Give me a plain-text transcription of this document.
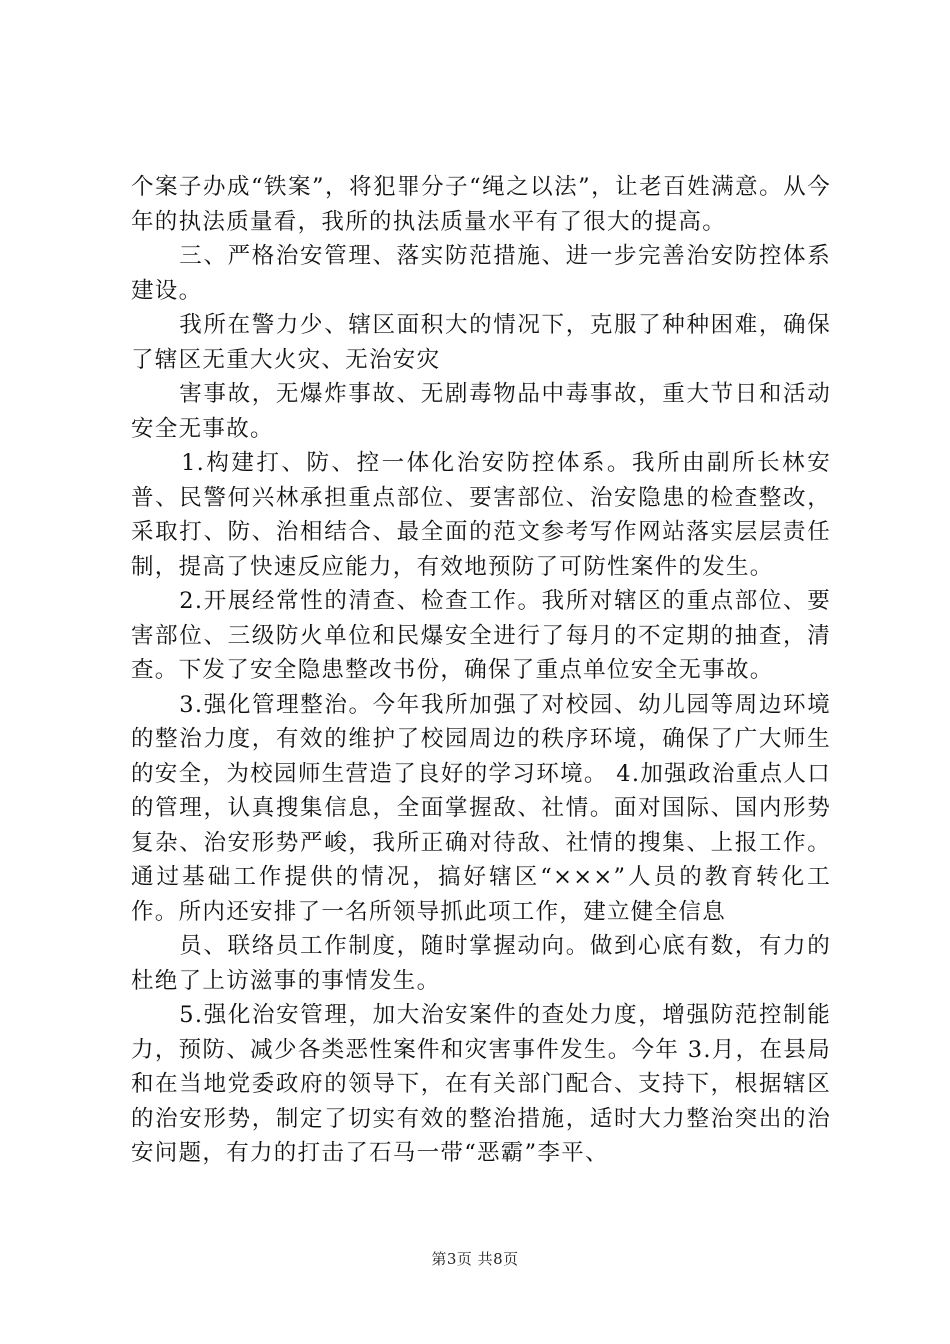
个案子办成“铁案”，将犯罪分子“绳之以法”，让老百姓满意。从今年的执法质量看，我所的执法质量水平有了很大的提高。

　　三、严格治安管理、落实防范措施、进一步完善治安防控体系建设。

　　我所在警力少、辖区面积大的情况下，克服了种种困难，确保了辖区无重大火灾、无治安灾

　　害事故，无爆炸事故、无剧毒物品中毒事故，重大节日和活动安全无事故。

　　1.构建打、防、控一体化治安防控体系。我所由副所长林安普、民警何兴林承担重点部位、要害部位、治安隐患的检查整改，采取打、防、治相结合、最全面的范文参考写作网站落实层层责任制，提高了快速反应能力，有效地预防了可防性案件的发生。

　　2.开展经常性的清查、检查工作。我所对辖区的重点部位、要害部位、三级防火单位和民爆安全进行了每月的不定期的抽查，清查。下发了安全隐患整改书份，确保了重点单位安全无事故。

　　3.强化管理整治。今年我所加强了对校园、幼儿园等周边环境的整治力度，有效的维护了校园周边的秩序环境，确保了广大师生的安全，为校园师生营造了良好的学习环境。 4.加强政治重点人口的管理，认真搜集信息，全面掌握敌、社情。面对国际、国内形势复杂、治安形势严峻，我所正确对待敌、社情的搜集、上报工作。通过基础工作提供的情况，搞好辖区“×××”人员的教育转化工作。所内还安排了一名所领导抓此项工作，建立健全信息

　　员、联络员工作制度，随时掌握动向。做到心底有数，有力的杜绝了上访滋事的事情发生。

　　5.强化治安管理，加大治安案件的查处力度，增强防范控制能力，预防、减少各类恶性案件和灾害事件发生。今年 3.月，在县局和在当地党委政府的领导下，在有关部门配合、支持下，根据辖区的治安形势，制定了切实有效的整治措施，适时大力整治突出的治安问题，有力的打击了石马一带“恶霸”李平、

第3页 共8页
